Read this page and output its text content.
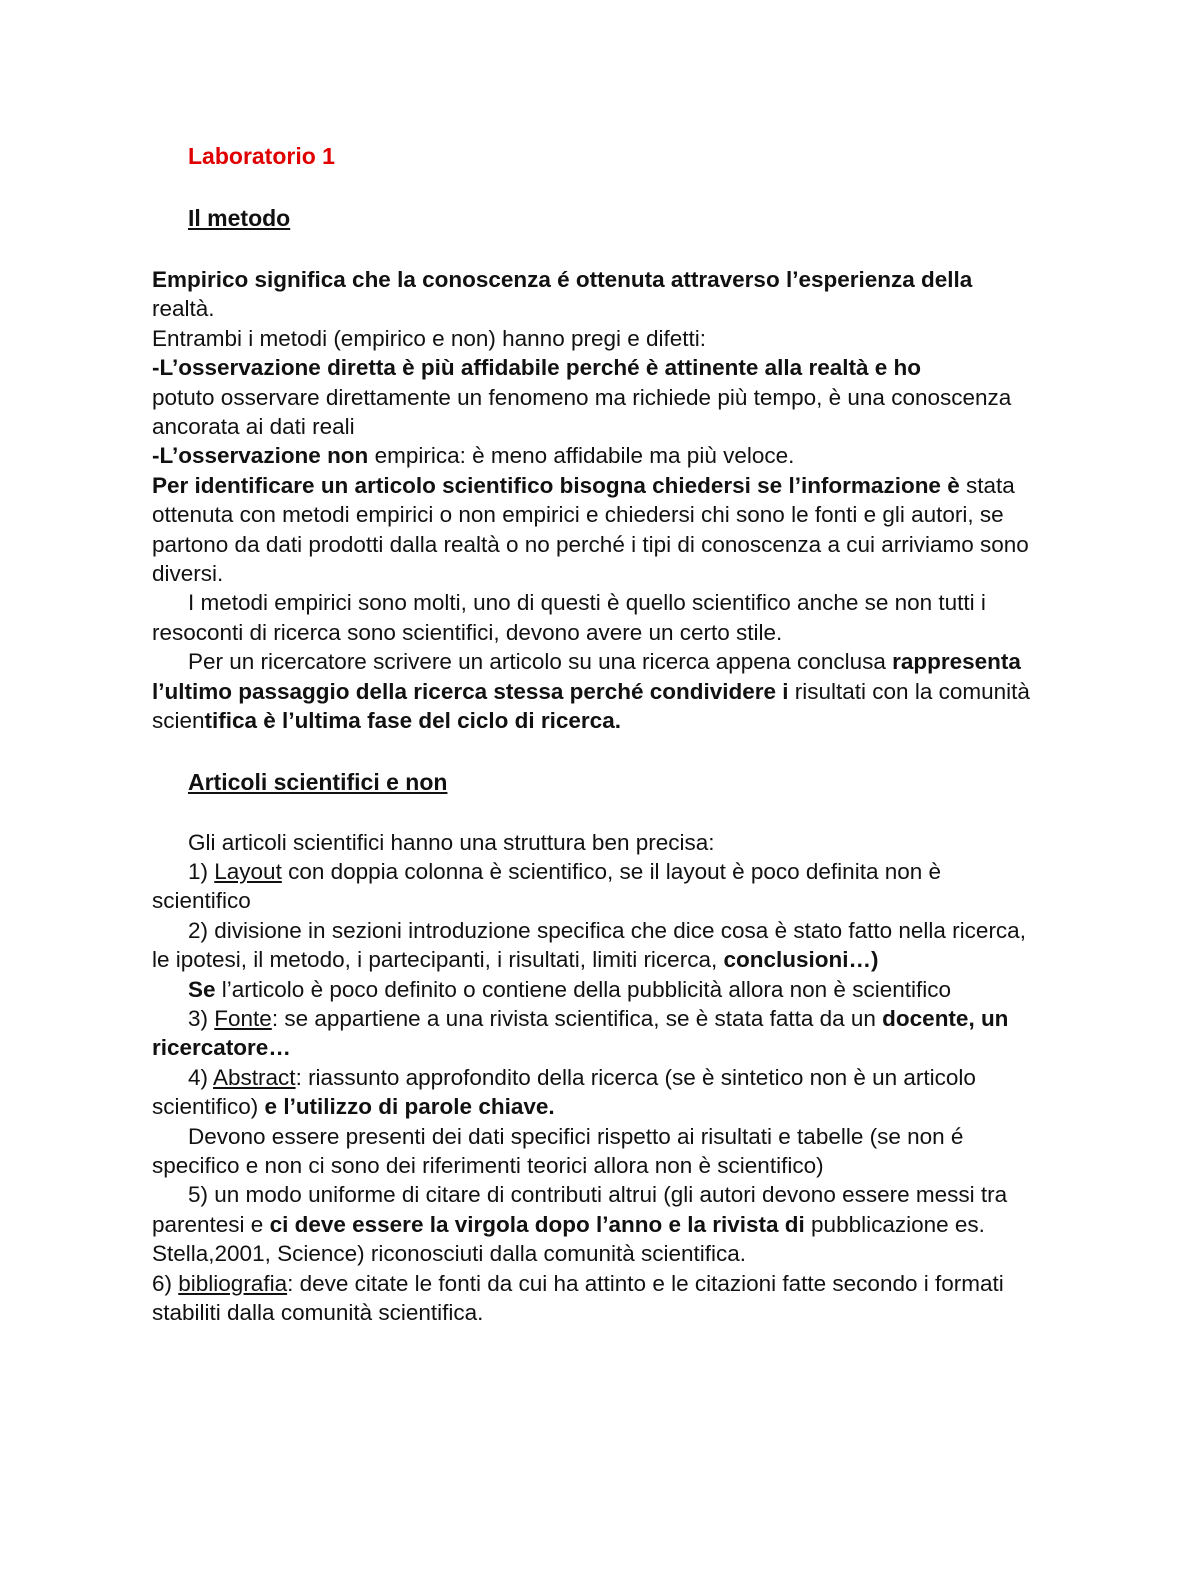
Laboratorio 1
Il metodo

Empirico significa che la conoscenza é ottenuta attraverso l’esperienza della

realtà.

Entrambi i metodi (empirico e non) hanno pregi e difetti:

-L’osservazione diretta è più affidabile perché è attinente alla realtà e ho
potuto osservare direttamente un fenomeno ma richiede più tempo, è una conoscenza ancorata ai dati reali

-L’osservazione non empirica: è meno affidabile ma più veloce.

Per identificare un articolo scientifico bisogna chiedersi se l’informazione è stata ottenuta con metodi empirici o non empirici e chiedersi chi sono le fonti e gli autori, se partono da dati prodotti dalla realtà o no perché i tipi di conoscenza a cui arriviamo sono diversi.

I metodi empirici sono molti, uno di questi è quello scientifico anche se non tutti i resoconti di ricerca sono scientifici, devono avere un certo stile.

Per un ricercatore scrivere un articolo su una ricerca appena conclusa rappresenta l’ultimo passaggio della ricerca stessa perché condividere i risultati con la comunità scientifica è l’ultima fase del ciclo di ricerca.

Articoli scientifici e non

Gli articoli scientifici hanno una struttura ben precisa:

1) Layout con doppia colonna è scientifico, se il layout è poco definita non è scientifico

2) divisione in sezioni introduzione specifica che dice cosa è stato fatto nella ricerca, le ipotesi, il metodo, i partecipanti, i risultati, limiti ricerca, conclusioni…)

Se l’articolo è poco definito o contiene della pubblicità allora non è scientifico

3) Fonte: se appartiene a una rivista scientifica, se è stata fatta da un docente, un ricercatore…

4) Abstract: riassunto approfondito della ricerca (se è sintetico non è un articolo scientifico) e l’utilizzo di parole chiave.

Devono essere presenti dei dati specifici rispetto ai risultati e tabelle (se non é specifico e non ci sono dei riferimenti teorici allora non è scientifico)

5) un modo uniforme di citare di contributi altrui (gli autori devono essere messi tra parentesi e ci deve essere la virgola dopo l’anno e la rivista di pubblicazione es. Stella,2001, Science) riconosciuti dalla comunità scientifica.

6) bibliografia: deve citate le fonti da cui ha attinto e le citazioni fatte secondo i formati stabiliti dalla comunità scientifica.
